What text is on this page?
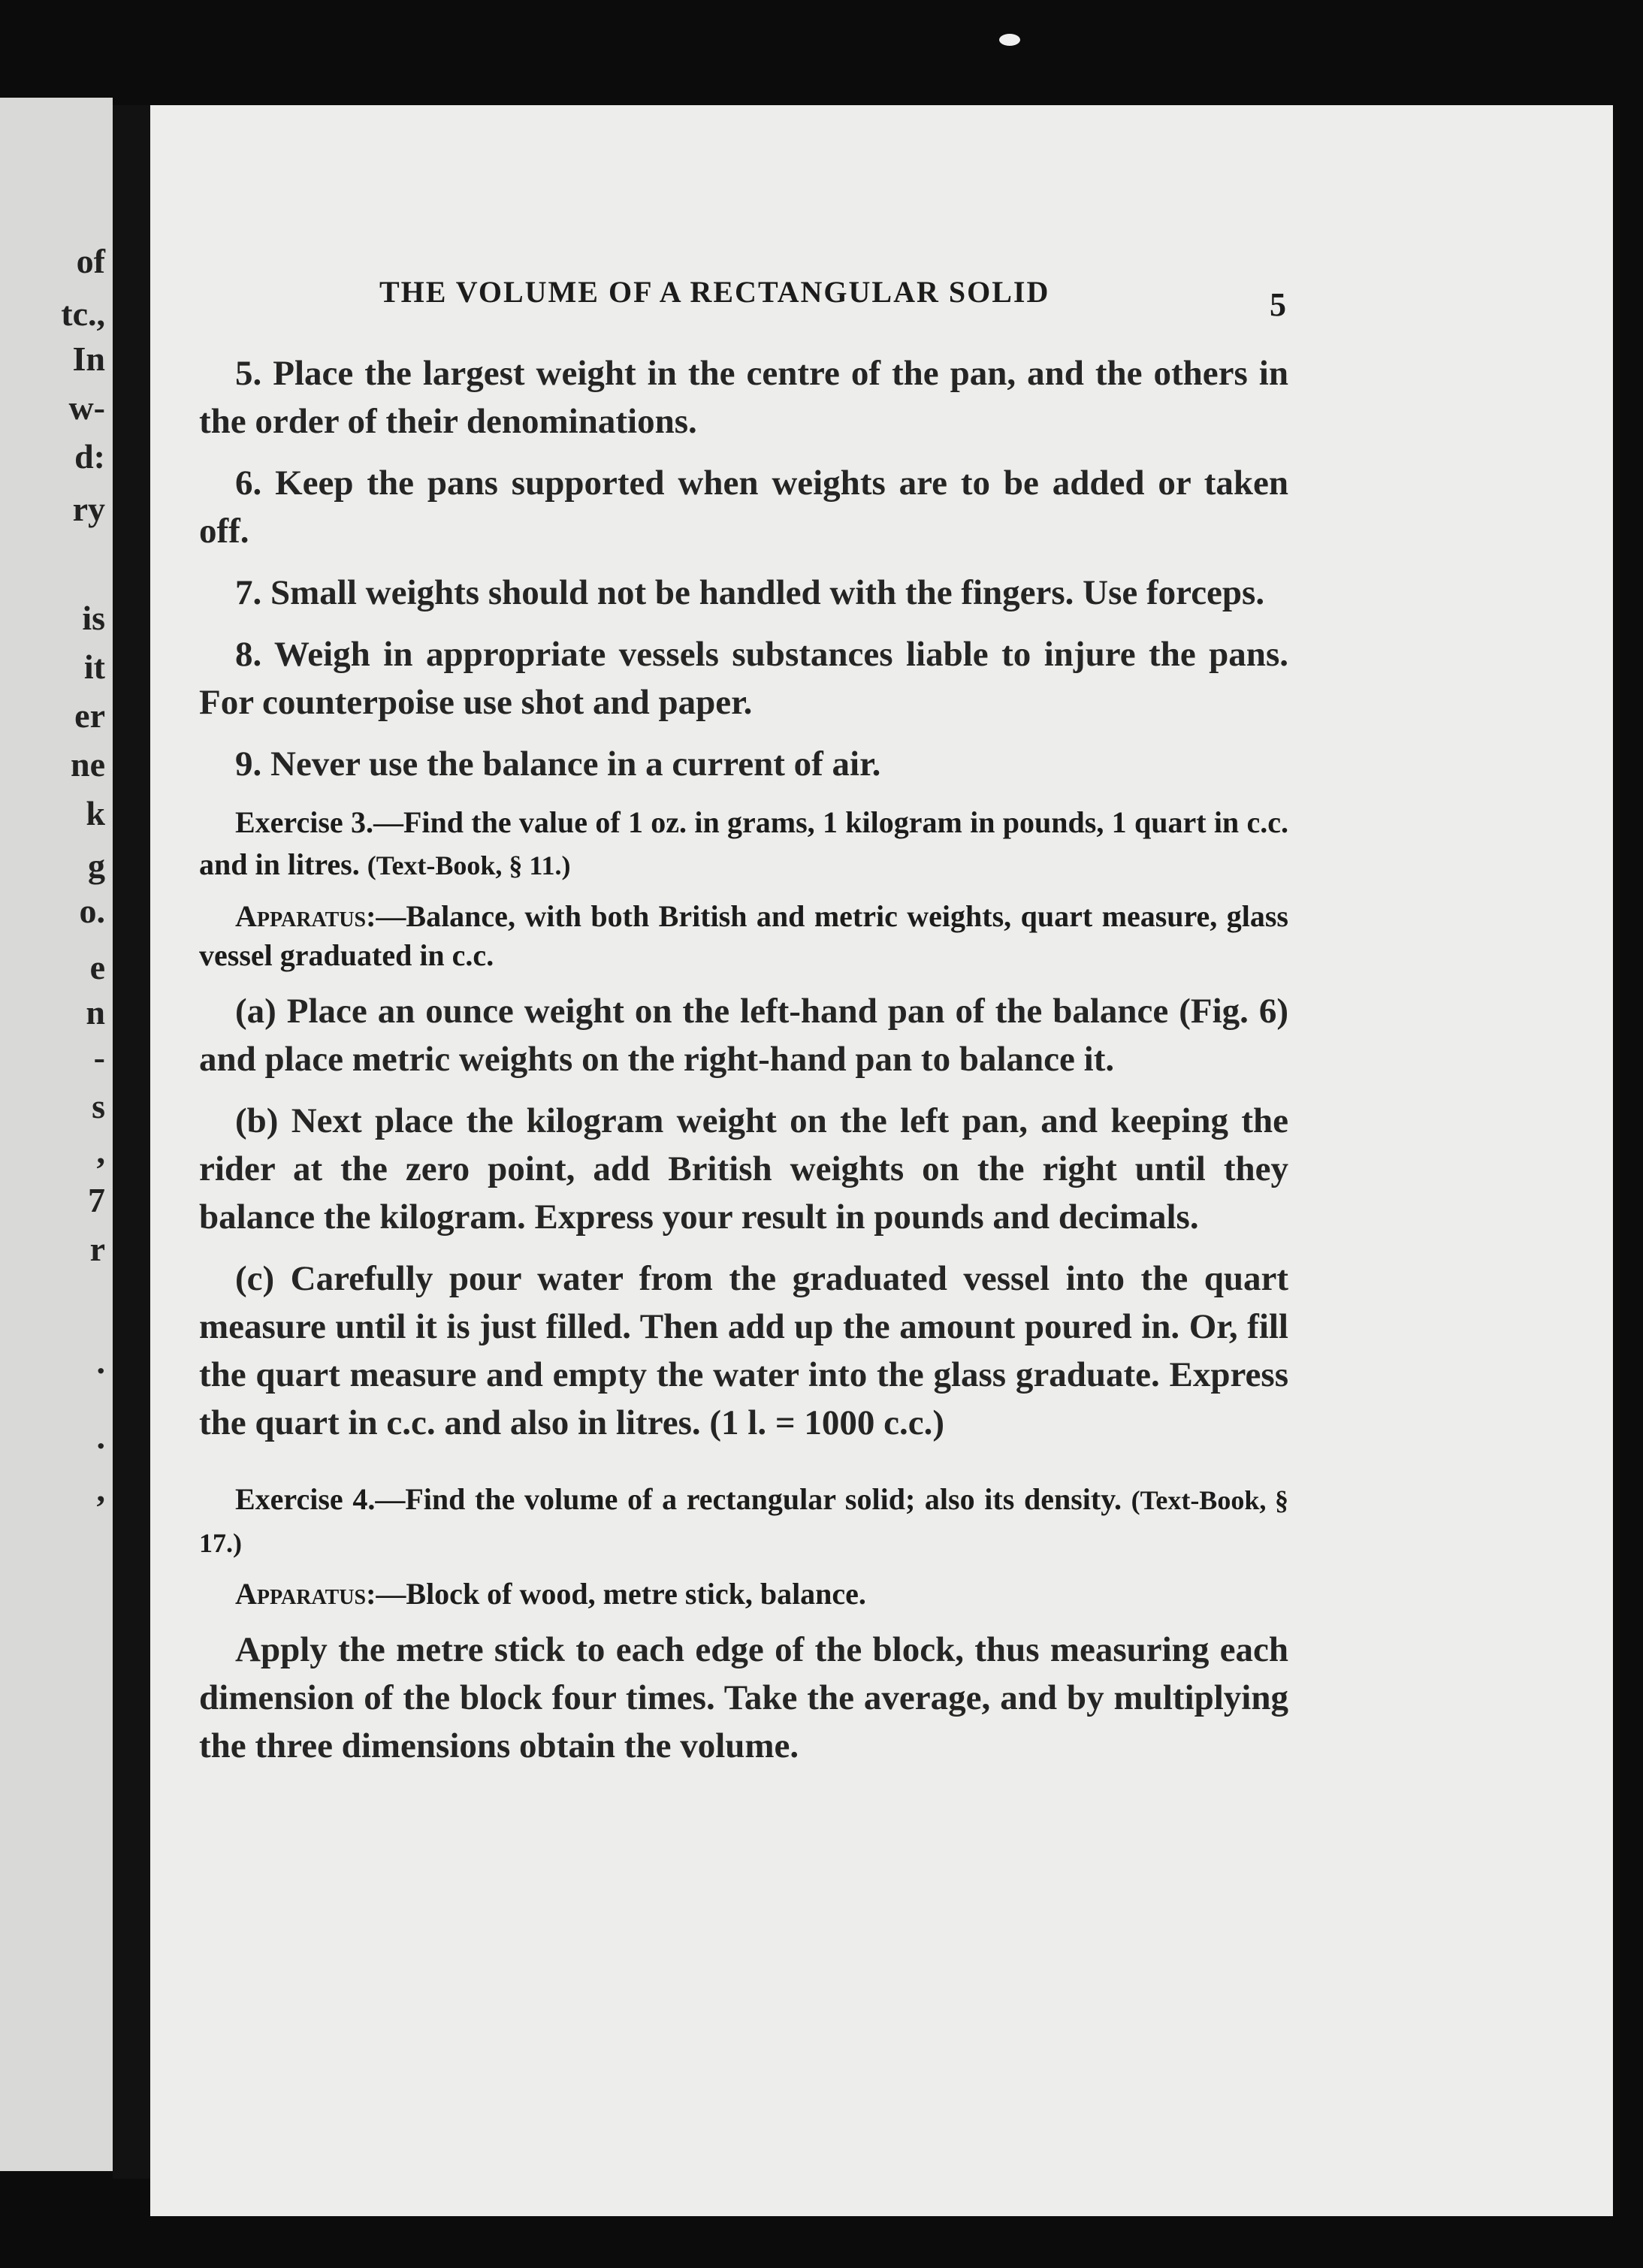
of
tc.,
In
w-
d:
ry
is
it
er
ne
k
g
o.
e
n
-
s
,
7
r
.
.
,
THE VOLUME OF A RECTANGULAR SOLID	5

5. Place the largest weight in the centre of the pan, and the others in the order of their denominations.

6. Keep the pans supported when weights are to be added or taken off.

7. Small weights should not be handled with the fingers. Use forceps.

8. Weigh in appropriate vessels substances liable to injure the pans. For counterpoise use shot and paper.

9. Never use the balance in a current of air.

Exercise 3.—Find the value of 1 oz. in grams, 1 kilogram in pounds, 1 quart in c.c. and in litres. (Text-Book, § 11.)

Apparatus:—Balance, with both British and metric weights, quart measure, glass vessel graduated in c.c.

(a) Place an ounce weight on the left-hand pan of the balance (Fig. 6) and place metric weights on the right-hand pan to balance it.

(b) Next place the kilogram weight on the left pan, and keeping the rider at the zero point, add British weights on the right until they balance the kilogram. Express your result in pounds and decimals.

(c) Carefully pour water from the graduated vessel into the quart measure until it is just filled. Then add up the amount poured in. Or, fill the quart measure and empty the water into the glass graduate. Express the quart in c.c. and also in litres. (1 l. = 1000 c.c.)

Exercise 4.—Find the volume of a rectangular solid; also its density. (Text-Book, § 17.)

Apparatus:—Block of wood, metre stick, balance.

Apply the metre stick to each edge of the block, thus measuring each dimension of the block four times. Take the average, and by multiplying the three dimensions obtain the volume.
